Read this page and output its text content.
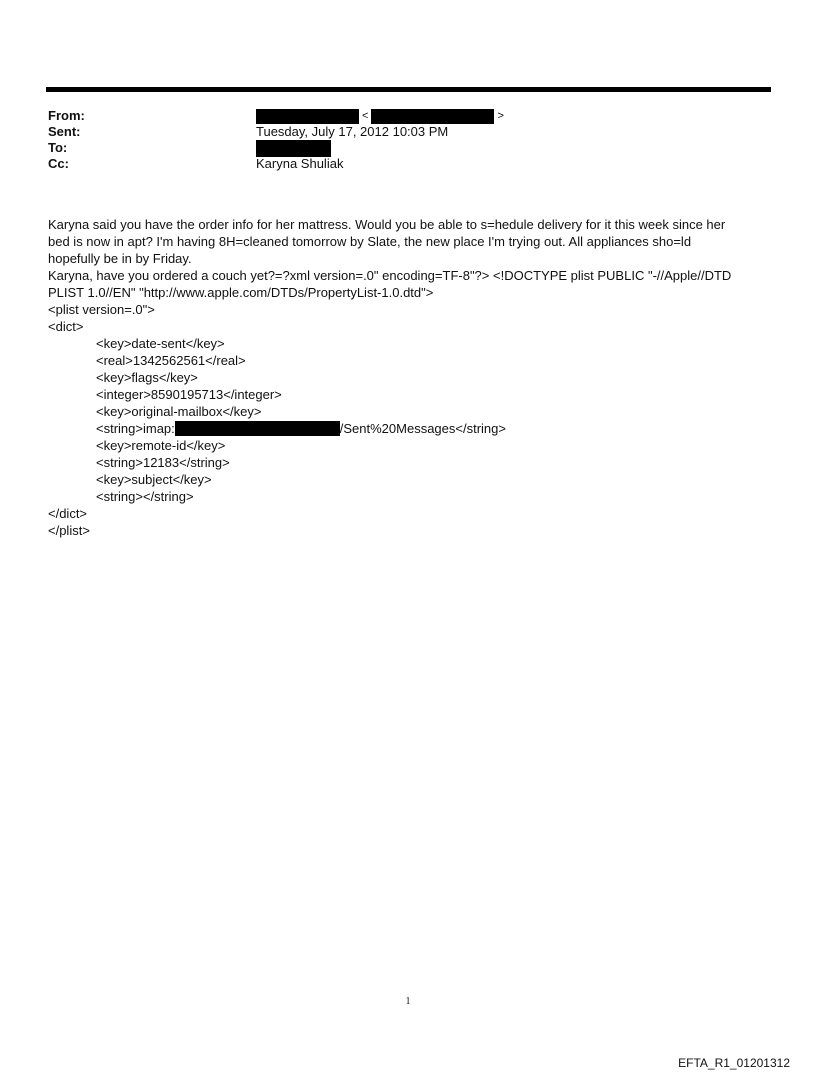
From:	<	>
Sent:	Tuesday, July 17, 2012 10:03 PM
To:
Cc:	Karyna Shuliak
Karyna said you have the order info for her mattress. Would you be able to s=hedule delivery for it this week since her
bed is now in apt? I'm having 8H=cleaned tomorrow by Slate, the new place I'm trying out. All appliances sho=ld
hopefully be in by Friday.
Karyna, have you ordered a couch yet?=?xml version=.0" encoding=TF-8"?> <!DOCTYPE plist PUBLIC "-//Apple//DTD
PLIST 1.0//EN" "http://www.apple.com/DTDs/PropertyList-1.0.dtd">
<plist version=.0">
<dict>
<key>date-sent</key>
<real>1342562561</real>
<key>flags</key>
<integer>8590195713</integer>
<key>original-mailbox</key>
<string>imap:	/Sent%20Messages</string>
<key>remote-id</key>
<string>12183</string>
<key>subject</key>
<string></string>
</dict>
</plist>
1
EFTA_R1_01201312
